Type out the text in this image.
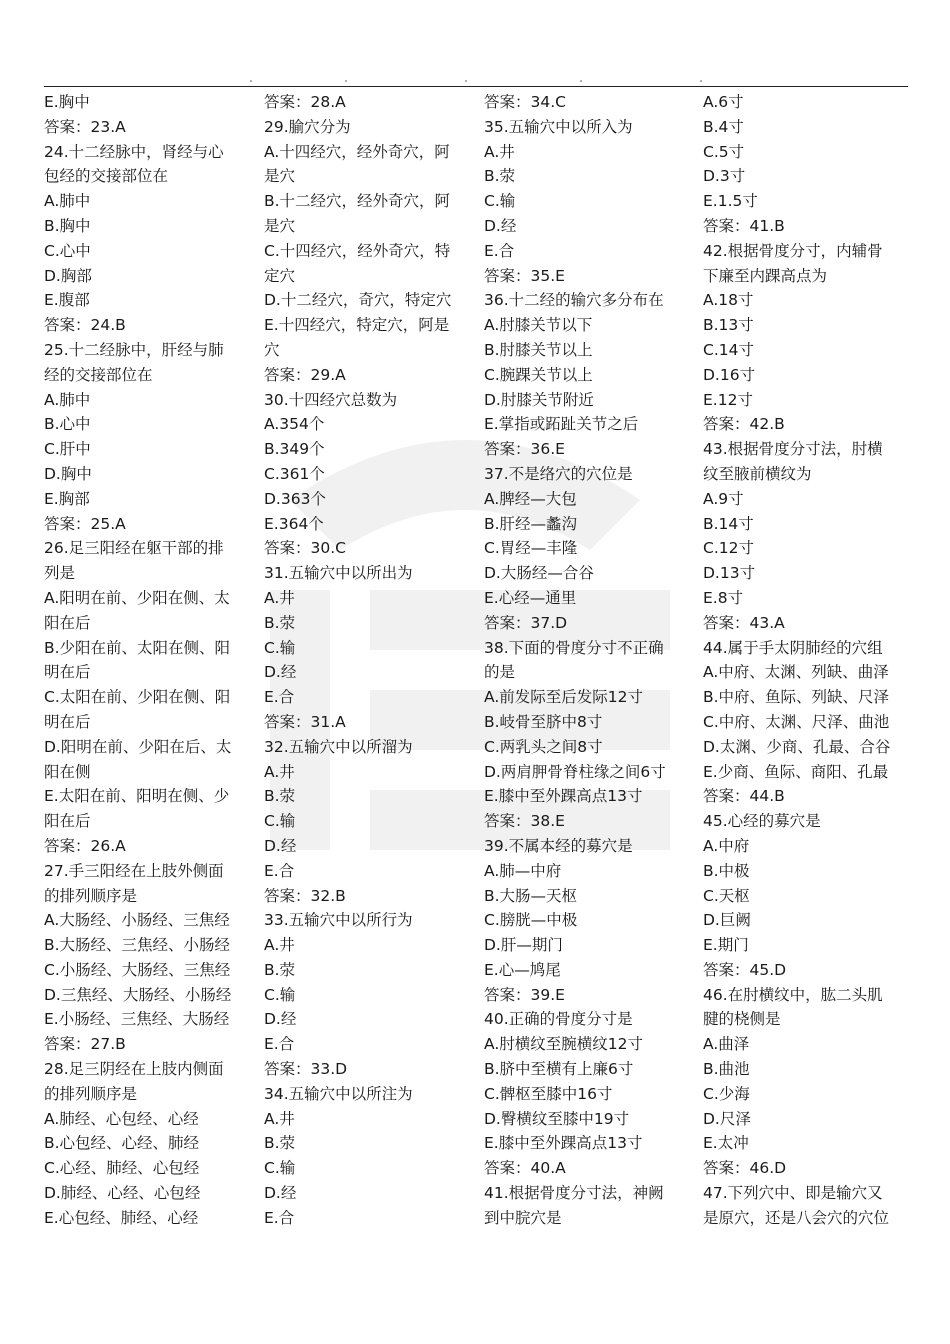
E.胸中
答案：23.A
24.十二经脉中，肾经与心
包经的交接部位在
A.肺中
B.胸中
C.心中
D.胸部
E.腹部
答案：24.B
25.十二经脉中，肝经与肺
经的交接部位在
A.肺中
B.心中
C.肝中
D.胸中
E.胸部
答案：25.A
26.足三阳经在躯干部的排
列是
A.阳明在前、少阳在侧、太
阳在后
B.少阳在前、太阳在侧、阳
明在后
C.太阳在前、少阳在侧、阳
明在后
D.阳明在前、少阳在后、太
阳在侧
E.太阳在前、阳明在侧、少
阳在后
答案：26.A
27.手三阳经在上肢外侧面
的排列顺序是
A.大肠经、小肠经、三焦经
B.大肠经、三焦经、小肠经
C.小肠经、大肠经、三焦经
D.三焦经、大肠经、小肠经
E.小肠经、三焦经、大肠经
答案：27.B
28.足三阴经在上肢内侧面
的排列顺序是
A.肺经、心包经、心经
B.心包经、心经、肺经
C.心经、肺经、心包经
D.肺经、心经、心包经
E.心包经、肺经、心经
答案：28.A
29.腧穴分为
A.十四经穴，经外奇穴，阿
是穴
B.十二经穴，经外奇穴，阿
是穴
C.十四经穴，经外奇穴，特
定穴
D.十二经穴，奇穴，特定穴
E.十四经穴，特定穴，阿是
穴
答案：29.A
30.十四经穴总数为
A.354个
B.349个
C.361个
D.363个
E.364个
答案：30.C
31.五输穴中以所出为
A.井
B.荥
C.输
D.经
E.合
答案：31.A
32.五输穴中以所溜为
A.井
B.荥
C.输
D.经
E.合
答案：32.B
33.五输穴中以所行为
A.井
B.荥
C.输
D.经
E.合
答案：33.D
34.五输穴中以所注为
A.井
B.荥
C.输
D.经
E.合
答案：34.C
35.五输穴中以所入为
A.井
B.荥
C.输
D.经
E.合
答案：35.E
36.十二经的输穴多分布在
A.肘膝关节以下
B.肘膝关节以上
C.腕踝关节以上
D.肘膝关节附近
E.掌指或跖趾关节之后
答案：36.E
37.不是络穴的穴位是
A.脾经—大包
B.肝经—蠡沟
C.胃经—丰隆
D.大肠经—合谷
E.心经—通里
答案：37.D
38.下面的骨度分寸不正确
的是
A.前发际至后发际12寸
B.岐骨至脐中8寸
C.两乳头之间8寸
D.两肩胛骨脊柱缘之间6寸
E.膝中至外踝高点13寸
答案：38.E
39.不属本经的募穴是
A.肺—中府
B.大肠—天枢
C.膀胱—中极
D.肝—期门
E.心—鸠尾
答案：39.E
40.正确的骨度分寸是
A.肘横纹至腕横纹12寸
B.脐中至横有上廉6寸
C.髀枢至膝中16寸
D.臀横纹至膝中19寸
E.膝中至外踝高点13寸
答案：40.A
41.根据骨度分寸法，神阙
到中脘穴是
A.6寸
B.4寸
C.5寸
D.3寸
E.1.5寸
答案：41.B
42.根据骨度分寸，内辅骨
下廉至内踝高点为
A.18寸
B.13寸
C.14寸
D.16寸
E.12寸
答案：42.B
43.根据骨度分寸法，肘横
纹至腋前横纹为
A.9寸
B.14寸
C.12寸
D.13寸
E.8寸
答案：43.A
44.属于手太阴肺经的穴组
A.中府、太渊、列缺、曲泽
B.中府、鱼际、列缺、尺泽
C.中府、太渊、尺泽、曲池
D.太渊、少商、孔最、合谷
E.少商、鱼际、商阳、孔最
答案：44.B
45.心经的募穴是
A.中府
B.中极
C.天枢
D.巨阙
E.期门
答案：45.D
46.在肘横纹中，肱二头肌
腱的桡侧是
A.曲泽
B.曲池
C.少海
D.尺泽
E.太冲
答案：46.D
47.下列穴中、即是输穴又
是原穴，还是八会穴的穴位
